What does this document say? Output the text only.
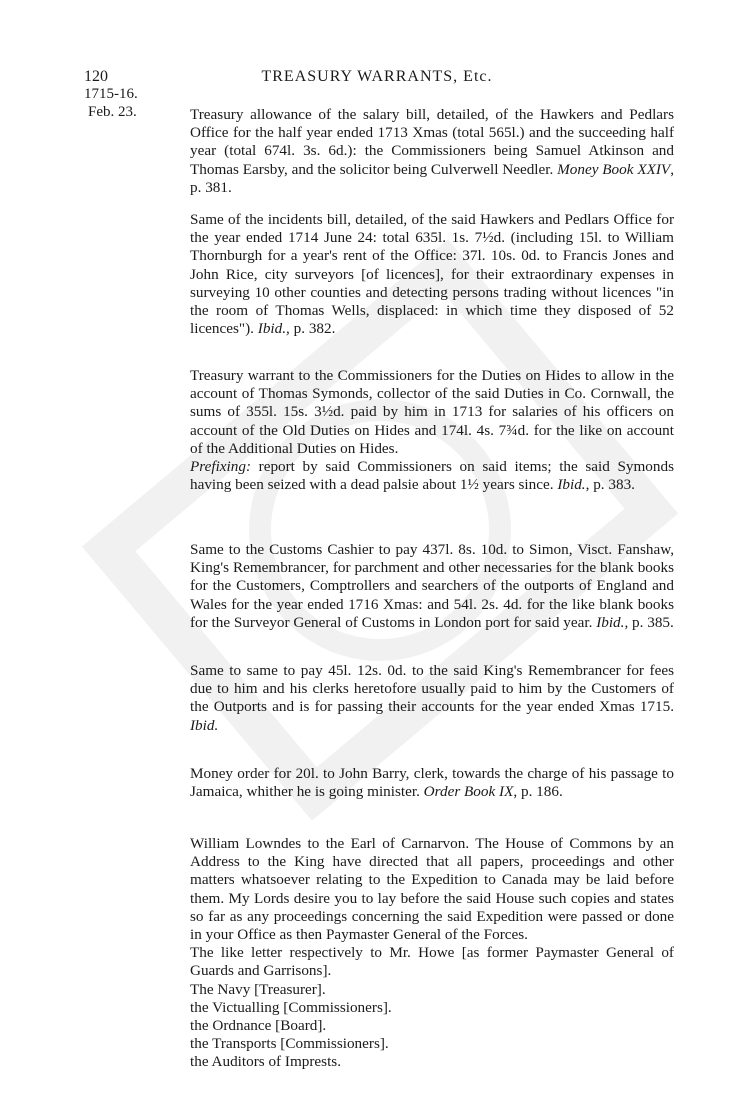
120	TREASURY WARRANTS, Etc.
1715-16.
Feb. 23.	Treasury allowance of the salary bill, detailed, of the Hawkers and Pedlars Office for the half year ended 1713 Xmas (total 565l.) and the succeeding half year (total 674l. 3s. 6d.): the Commissioners being Samuel Atkinson and Thomas Earsby, and the solicitor being Culverwell Needler. Money Book XXIV, p. 381.

Same of the incidents bill, detailed, of the said Hawkers and Pedlars Office for the year ended 1714 June 24: total 635l. 1s. 7½d. (including 15l. to William Thornburgh for a year's rent of the Office: 37l. 10s. 0d. to Francis Jones and John Rice, city surveyors [of licences], for their extraordinary expenses in surveying 10 other counties and detecting persons trading without licences "in the room of Thomas Wells, displaced: in which time they disposed of 52 licences"). Ibid., p. 382.

Treasury warrant to the Commissioners for the Duties on Hides to allow in the account of Thomas Symonds, collector of the said Duties in Co. Cornwall, the sums of 355l. 15s. 3½d. paid by him in 1713 for salaries of his officers on account of the Old Duties on Hides and 174l. 4s. 7¾d. for the like on account of the Additional Duties on Hides.

Prefixing: report by said Commissioners on said items; the said Symonds having been seized with a dead palsie about 1½ years since. Ibid., p. 383.

Same to the Customs Cashier to pay 437l. 8s. 10d. to Simon, Visct. Fanshaw, King's Remembrancer, for parchment and other necessaries for the blank books for the Customers, Comptrollers and searchers of the outports of England and Wales for the year ended 1716 Xmas: and 54l. 2s. 4d. for the like blank books for the Surveyor General of Customs in London port for said year. Ibid., p. 385.

Same to same to pay 45l. 12s. 0d. to the said King's Remembrancer for fees due to him and his clerks heretofore usually paid to him by the Customers of the Outports and is for passing their accounts for the year ended Xmas 1715. Ibid.

Money order for 20l. to John Barry, clerk, towards the charge of his passage to Jamaica, whither he is going minister. Order Book IX, p. 186.

William Lowndes to the Earl of Carnarvon. The House of Commons by an Address to the King have directed that all papers, proceedings and other matters whatsoever relating to the Expedition to Canada may be laid before them. My Lords desire you to lay before the said House such copies and states so far as any proceedings concerning the said Expedition were passed or done in your Office as then Paymaster General of the Forces.

The like letter respectively to Mr. Howe [as former Paymaster General of Guards and Garrisons].

The Navy [Treasurer].

the Victualling [Commissioners].

the Ordnance [Board].

the Transports [Commissioners].

the Auditors of Imprests.
